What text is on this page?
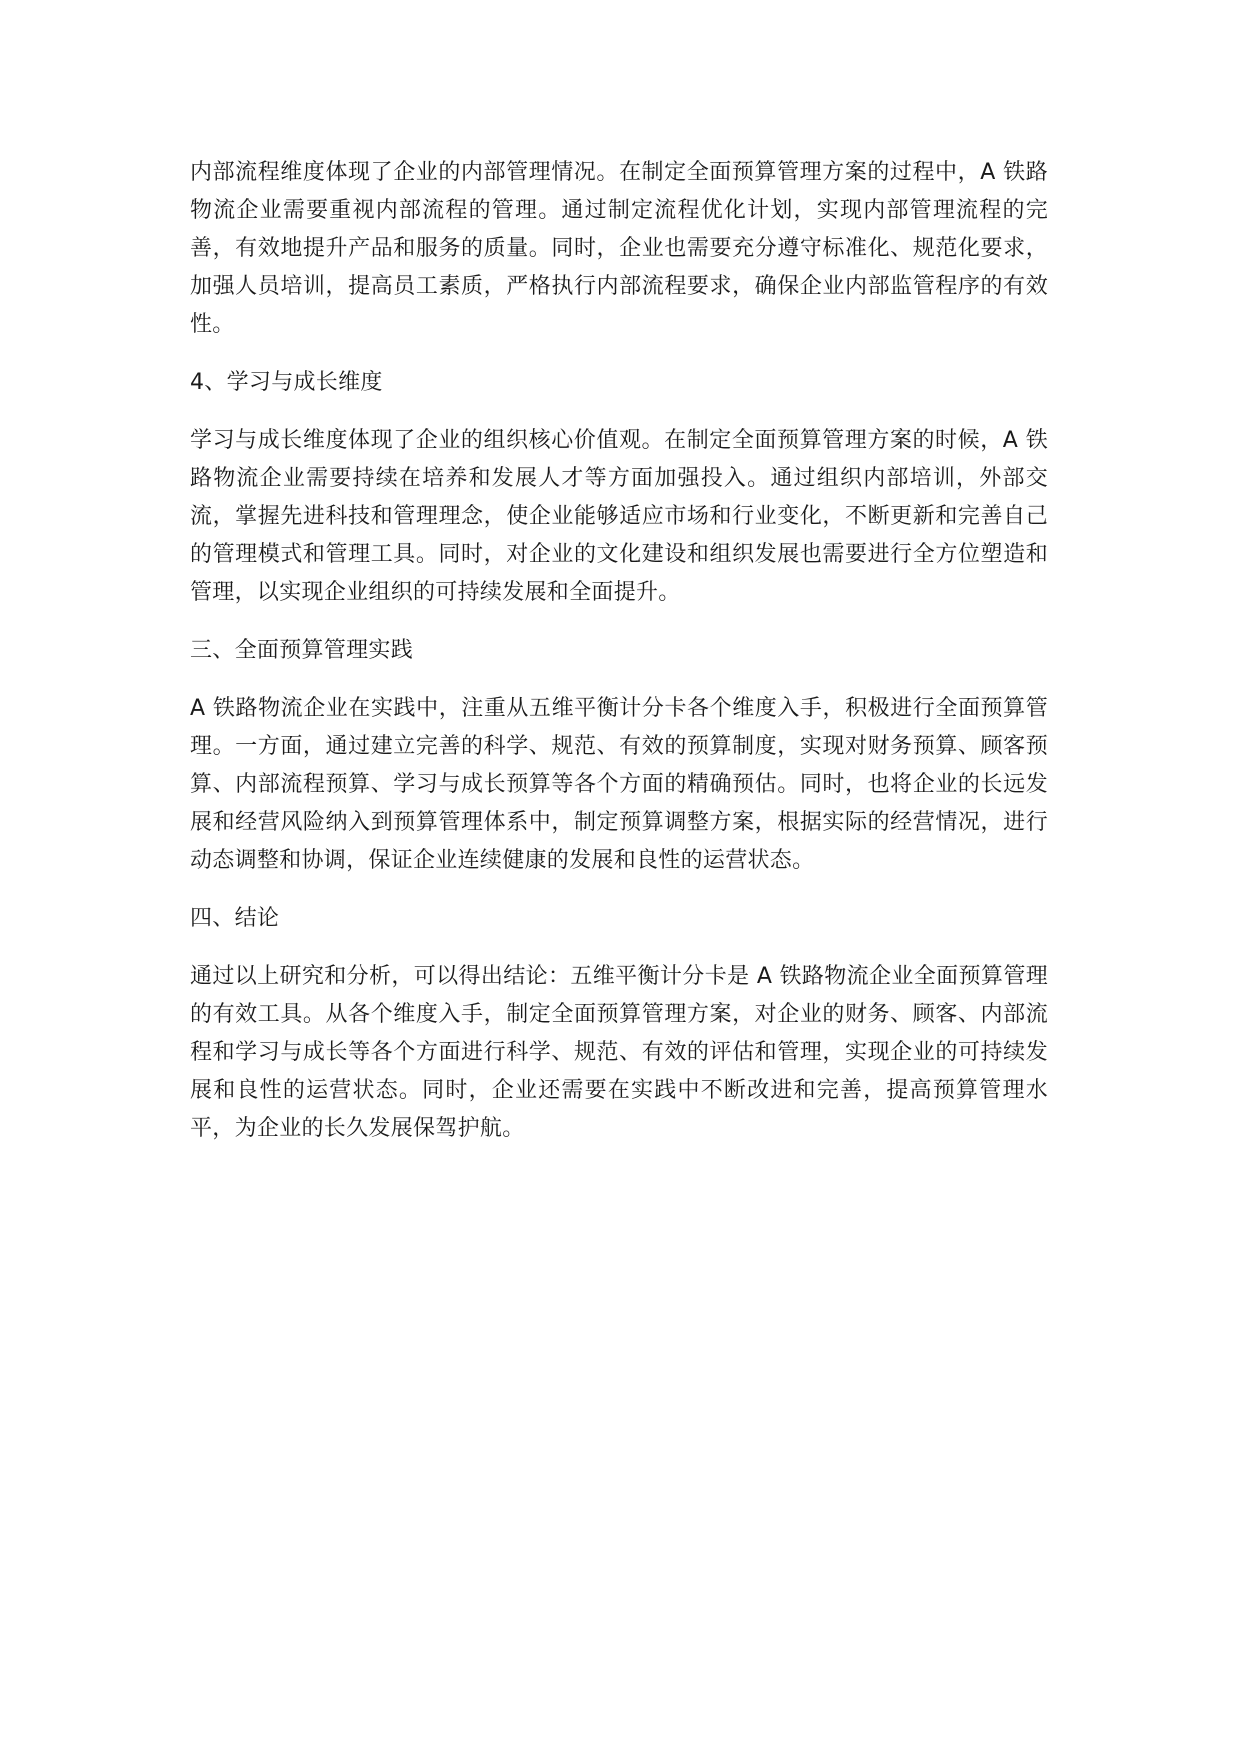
内部流程维度体现了企业的内部管理情况。在制定全面预算管理方案的过程中，A 铁路物流企业需要重视内部流程的管理。通过制定流程优化计划，实现内部管理流程的完善，有效地提升产品和服务的质量。同时，企业也需要充分遵守标准化、规范化要求，加强人员培训，提高员工素质，严格执行内部流程要求，确保企业内部监管程序的有效性。

4、学习与成长维度

学习与成长维度体现了企业的组织核心价值观。在制定全面预算管理方案的时候，A 铁路物流企业需要持续在培养和发展人才等方面加强投入。通过组织内部培训，外部交流，掌握先进科技和管理理念，使企业能够适应市场和行业变化，不断更新和完善自己的管理模式和管理工具。同时，对企业的文化建设和组织发展也需要进行全方位塑造和管理，以实现企业组织的可持续发展和全面提升。

三、全面预算管理实践

A 铁路物流企业在实践中，注重从五维平衡计分卡各个维度入手，积极进行全面预算管理。一方面，通过建立完善的科学、规范、有效的预算制度，实现对财务预算、顾客预算、内部流程预算、学习与成长预算等各个方面的精确预估。同时，也将企业的长远发展和经营风险纳入到预算管理体系中，制定预算调整方案，根据实际的经营情况，进行动态调整和协调，保证企业连续健康的发展和良性的运营状态。

四、结论

通过以上研究和分析，可以得出结论：五维平衡计分卡是 A 铁路物流企业全面预算管理的有效工具。从各个维度入手，制定全面预算管理方案，对企业的财务、顾客、内部流程和学习与成长等各个方面进行科学、规范、有效的评估和管理，实现企业的可持续发展和良性的运营状态。同时，企业还需要在实践中不断改进和完善，提高预算管理水平，为企业的长久发展保驾护航。
